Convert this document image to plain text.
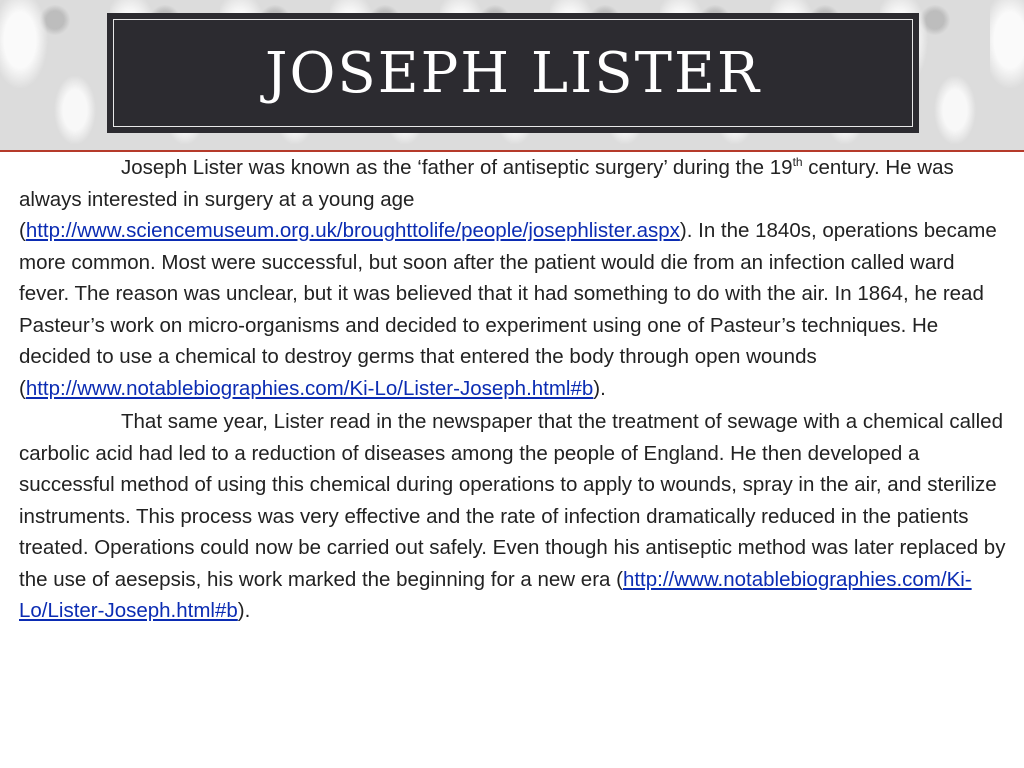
JOSEPH LISTER

Joseph Lister was known as the ‘father of antiseptic surgery’ during the 19th century. He was always interested in surgery at a young age (http://www.sciencemuseum.org.uk/broughttolife/people/josephlister.aspx). In the 1840s, operations became more common. Most were successful, but soon after the patient would die from an infection called ward fever. The reason was unclear, but it was believed that it had something to do with the air. In 1864, he read Pasteur’s work on micro-organisms and decided to experiment using one of Pasteur’s techniques. He decided to use a chemical to destroy germs that entered the body through open wounds (http://www.notablebiographies.com/Ki-Lo/Lister-Joseph.html#b).

That same year, Lister read in the newspaper that the treatment of sewage with a chemical called carbolic acid had led to a reduction of diseases among the people of England. He then developed a successful method of using this chemical during operations to apply to wounds, spray in the air, and sterilize instruments. This process was very effective and the rate of infection dramatically reduced in the patients treated. Operations could now be carried out safely. Even though his antiseptic method was later replaced by the use of aesepsis, his work marked the beginning for a new era (http://www.notablebiographies.com/Ki-Lo/Lister-Joseph.html#b).
